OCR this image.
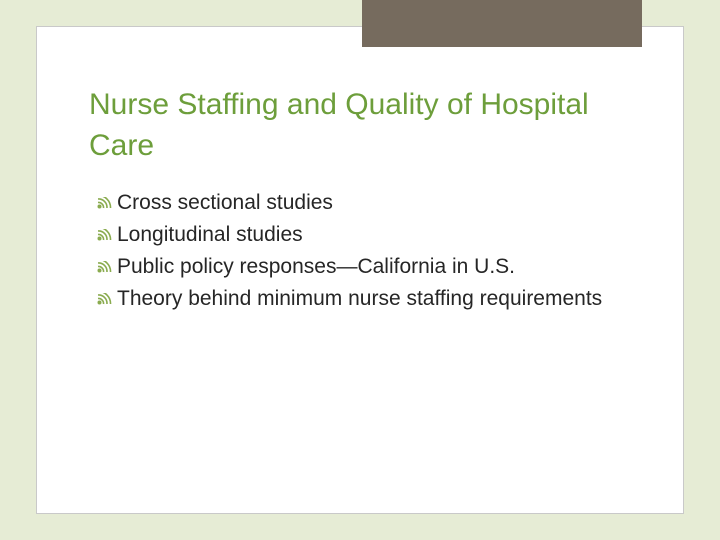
Nurse Staffing and Quality of Hospital Care
Cross sectional studies
Longitudinal studies
Public policy responses—California in U.S.
Theory behind minimum nurse staffing requirements
